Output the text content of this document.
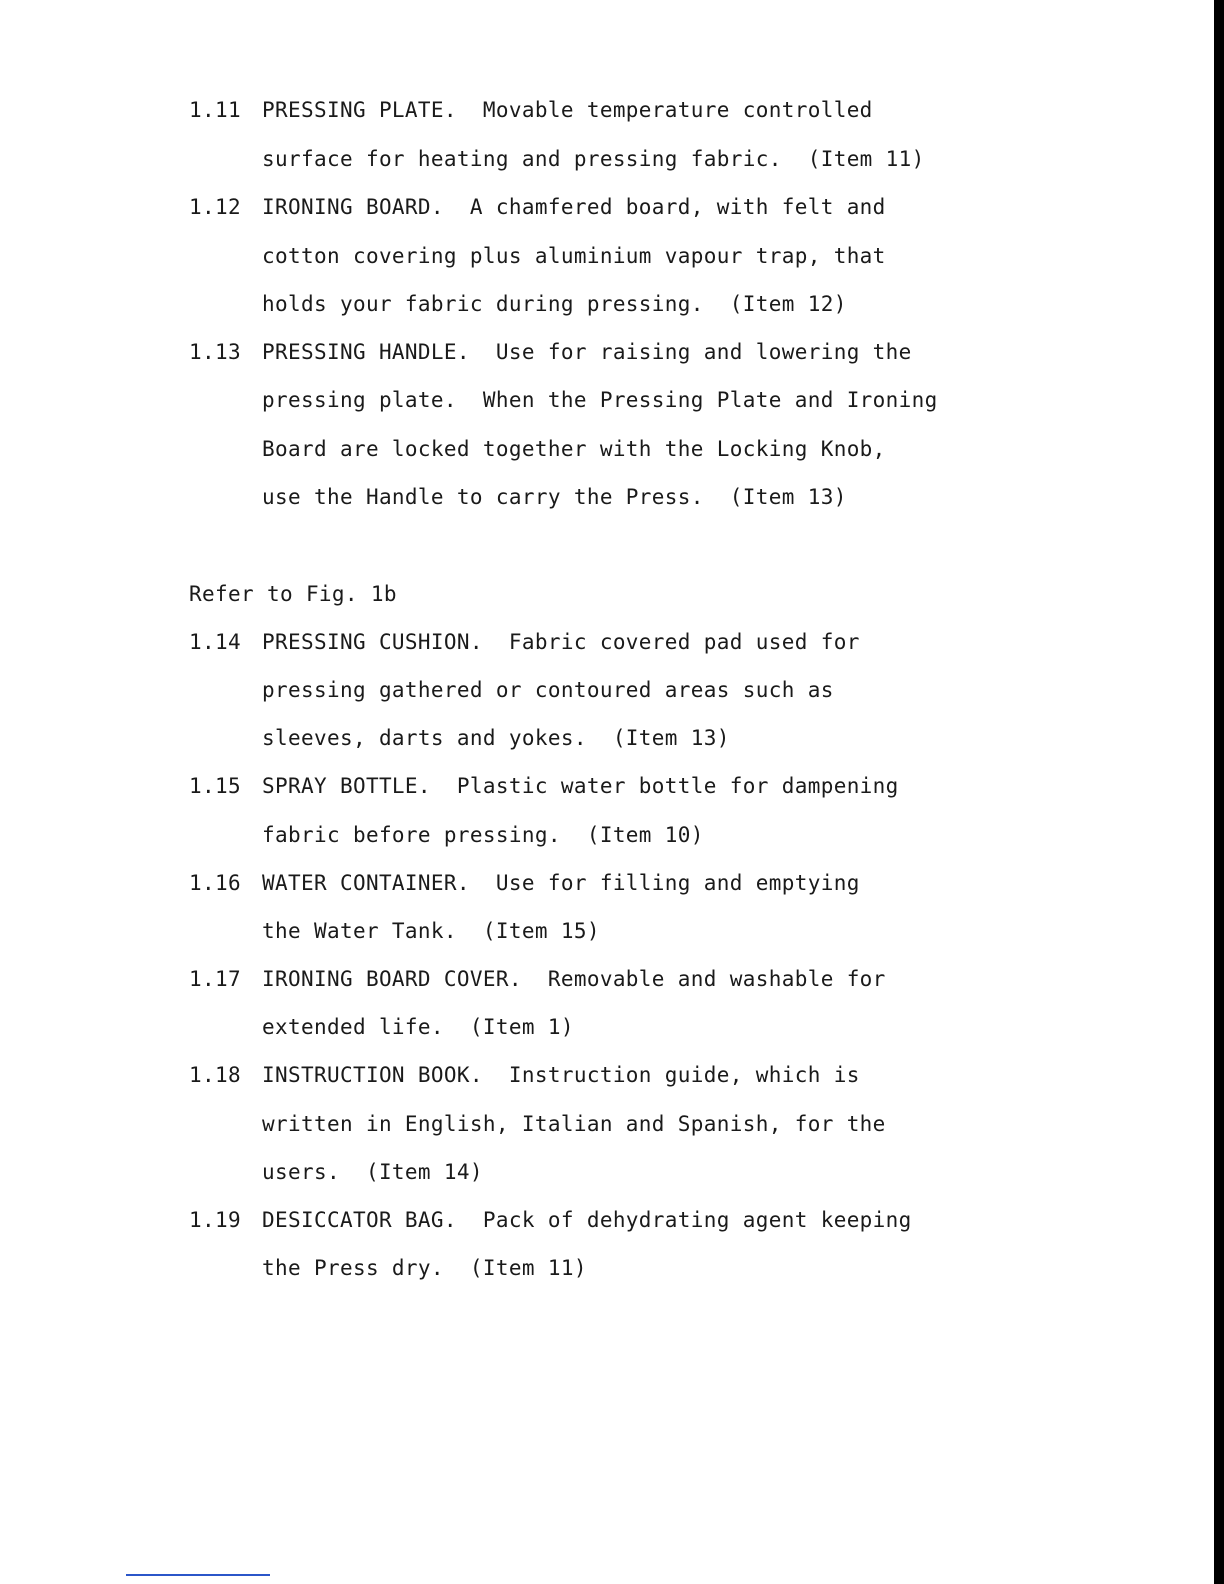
1.11 PRESSING PLATE.  Movable temperature controlled
surface for heating and pressing fabric.  (Item 11)
1.12 IRONING BOARD.  A chamfered board, with felt and
cotton covering plus aluminium vapour trap, that
holds your fabric during pressing.  (Item 12)
1.13 PRESSING HANDLE.  Use for raising and lowering the
pressing plate.  When the Pressing Plate and Ironing
Board are locked together with the Locking Knob,
use the Handle to carry the Press.  (Item 13)
Refer to Fig. 1b
1.14 PRESSING CUSHION.  Fabric covered pad used for
pressing gathered or contoured areas such as
sleeves, darts and yokes.  (Item 13)
1.15 SPRAY BOTTLE.  Plastic water bottle for dampening
fabric before pressing.  (Item 10)
1.16 WATER CONTAINER.  Use for filling and emptying
the Water Tank.  (Item 15)
1.17 IRONING BOARD COVER.  Removable and washable for
extended life.  (Item 1)
1.18 INSTRUCTION BOOK.  Instruction guide, which is
written in English, Italian and Spanish, for the
users.  (Item 14)
1.19 DESICCATOR BAG.  Pack of dehydrating agent keeping
the Press dry.  (Item 11)
